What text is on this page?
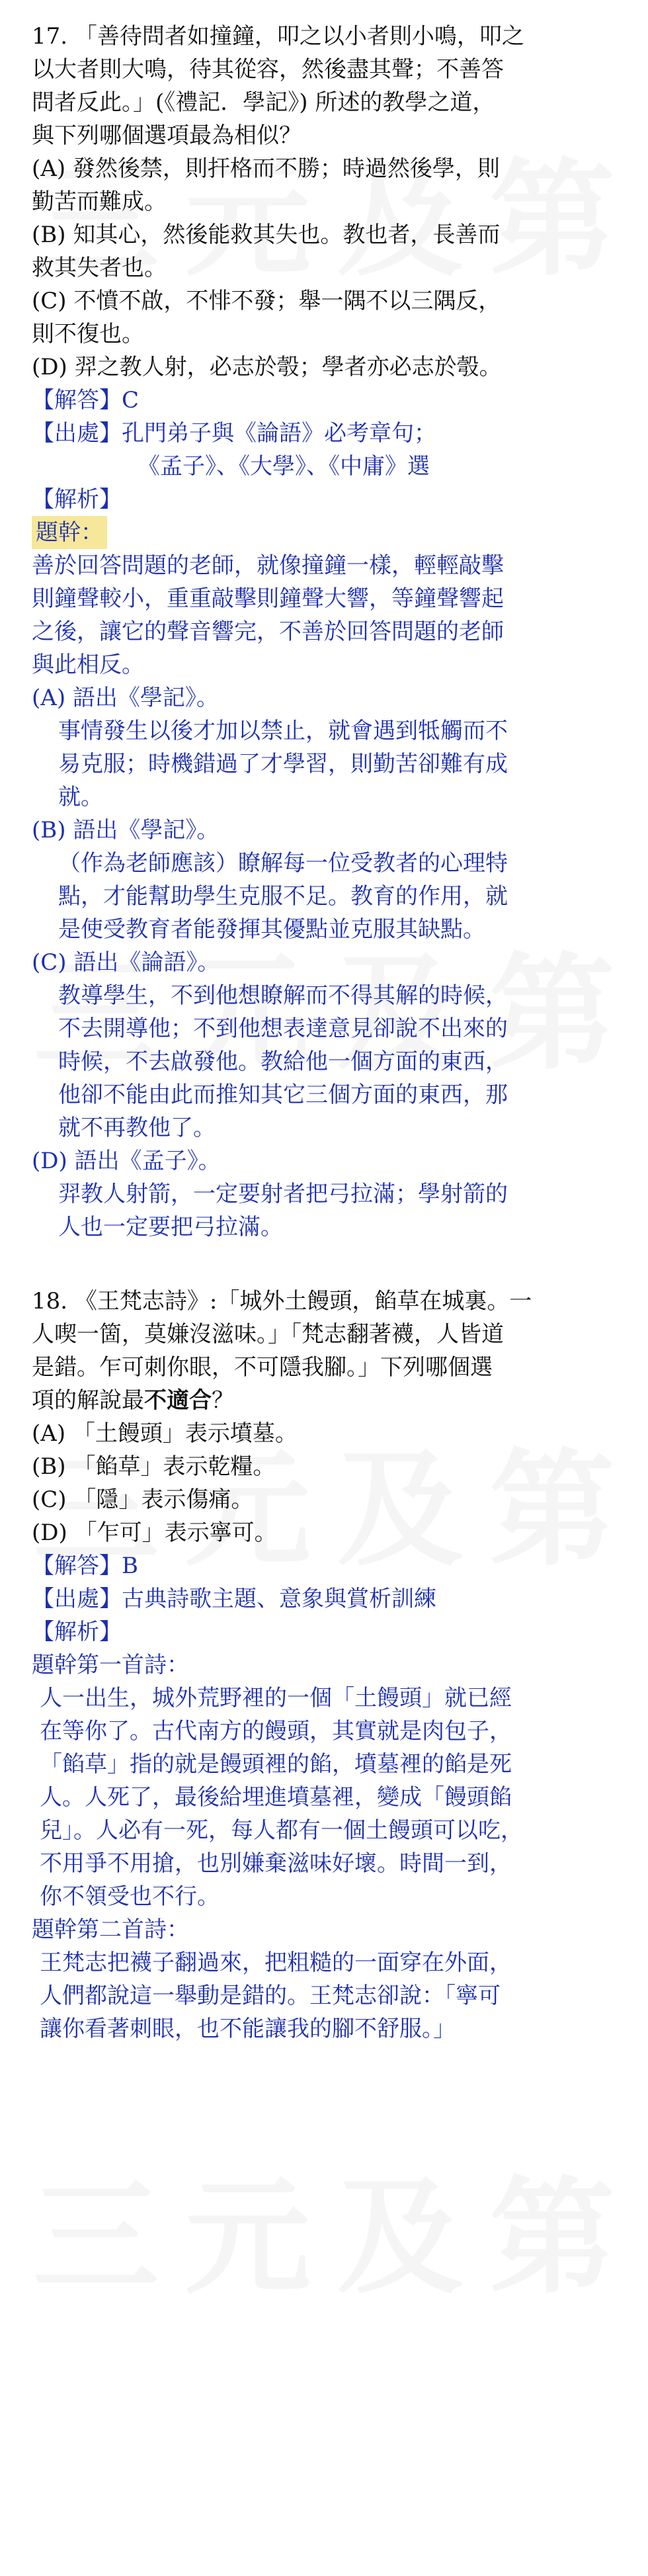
17. 「善待問者如撞鐘，叩之以小者則小鳴，叩之

以大者則大鳴，待其從容，然後盡其聲；不善答

問者反此。」(《禮記．學記》) 所述的教學之道，

與下列哪個選項最為相似？

(A) 發然後禁，則扞格而不勝；時過然後學，則

勤苦而難成。

(B) 知其心，然後能救其失也。教也者，長善而

救其失者也。

(C) 不憤不啟，不悱不發；舉一隅不以三隅反，

則不復也。

(D) 羿之教人射，必志於彀；學者亦必志於彀。

【解答】C

【出處】孔門弟子與《論語》必考章句；

《孟子》、《大學》、《中庸》選

【解析】

題幹：

善於回答問題的老師，就像撞鐘一樣，輕輕敲擊

則鐘聲較小，重重敲擊則鐘聲大響，等鐘聲響起

之後，讓它的聲音響完，不善於回答問題的老師

與此相反。

(A) 語出《學記》。

事情發生以後才加以禁止，就會遇到牴觸而不

易克服；時機錯過了才學習，則勤苦卻難有成

就。

(B) 語出《學記》。

（作為老師應該）瞭解每一位受教者的心理特

點，才能幫助學生克服不足。教育的作用，就

是使受教育者能發揮其優點並克服其缺點。

(C) 語出《論語》。

教導學生，不到他想瞭解而不得其解的時候，

不去開導他；不到他想表達意見卻說不出來的

時候，不去啟發他。教給他一個方面的東西，

他卻不能由此而推知其它三個方面的東西，那

就不再教他了。

(D) 語出《孟子》。

羿教人射箭，一定要射者把弓拉滿；學射箭的

人也一定要把弓拉滿。

18. 《王梵志詩》:「城外土饅頭，餡草在城裏。一

人喫一箇，莫嫌沒滋味。」「梵志翻著襪，人皆道

是錯。乍可刺你眼，不可隱我腳。」下列哪個選

項的解說最不適合？

(A) 「土饅頭」表示墳墓。

(B) 「餡草」表示乾糧。

(C) 「隱」表示傷痛。

(D) 「乍可」表示寧可。

【解答】B

【出處】古典詩歌主題、意象與賞析訓練

【解析】

題幹第一首詩：

人一出生，城外荒野裡的一個「土饅頭」就已經

在等你了。古代南方的饅頭，其實就是肉包子，

「餡草」指的就是饅頭裡的餡，墳墓裡的餡是死

人。人死了，最後給埋進墳墓裡，變成「饅頭餡

兒」。人必有一死，每人都有一個土饅頭可以吃，

不用爭不用搶，也別嫌棄滋味好壞。時間一到，

你不領受也不行。

題幹第二首詩：

王梵志把襪子翻過來，把粗糙的一面穿在外面，

人們都說這一舉動是錯的。王梵志卻說：「寧可

讓你看著刺眼，也不能讓我的腳不舒服。」
